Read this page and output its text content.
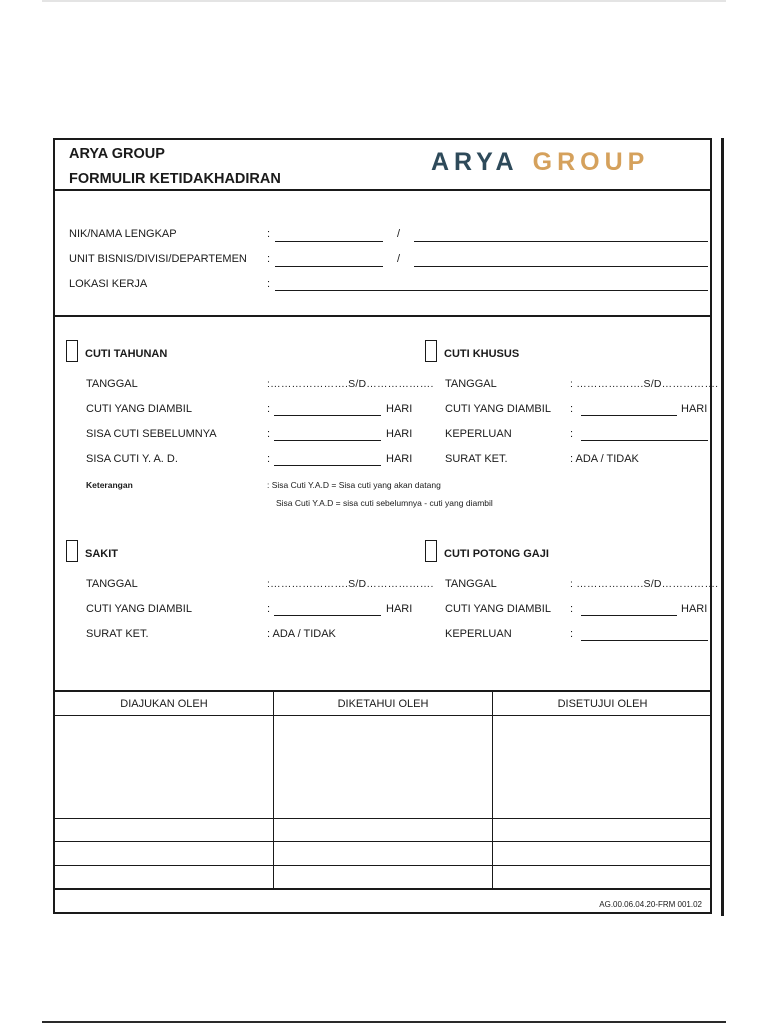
ARYA GROUP
FORMULIR KETIDAKHADIRAN
ARYA GROUP
NIK/NAMA LENGKAP	:	/
UNIT BISNIS/DIVISI/DEPARTEMEN :	/
LOKASI KERJA	:
CUTI TAHUNAN
TANGGAL	:………………….S/D……………….
CUTI YANG DIAMBIL	:	HARI
SISA CUTI SEBELUMNYA	:	HARI
SISA CUTI Y. A. D.	:	HARI
Keterangan	: Sisa Cuti Y.A.D = Sisa cuti yang akan datang
Sisa Cuti Y.A.D = sisa cuti sebelumnya - cuti yang diambil
CUTI KHUSUS
TANGGAL	: ……………….S/D…………….
CUTI YANG DIAMBIL :	HARI
KEPERLUAN	:
SURAT KET.	: ADA / TIDAK
SAKIT
TANGGAL	:………………….S/D……………….
CUTI YANG DIAMBIL	:	HARI
SURAT KET.	: ADA / TIDAK
CUTI POTONG GAJI
TANGGAL	: ……………….S/D…………….
CUTI YANG DIAMBIL :	HARI
KEPERLUAN	:
DIAJUKAN OLEH	DIKETAHUI OLEH	DISETUJUI OLEH
AG.00.06.04.20-FRM 001.02
